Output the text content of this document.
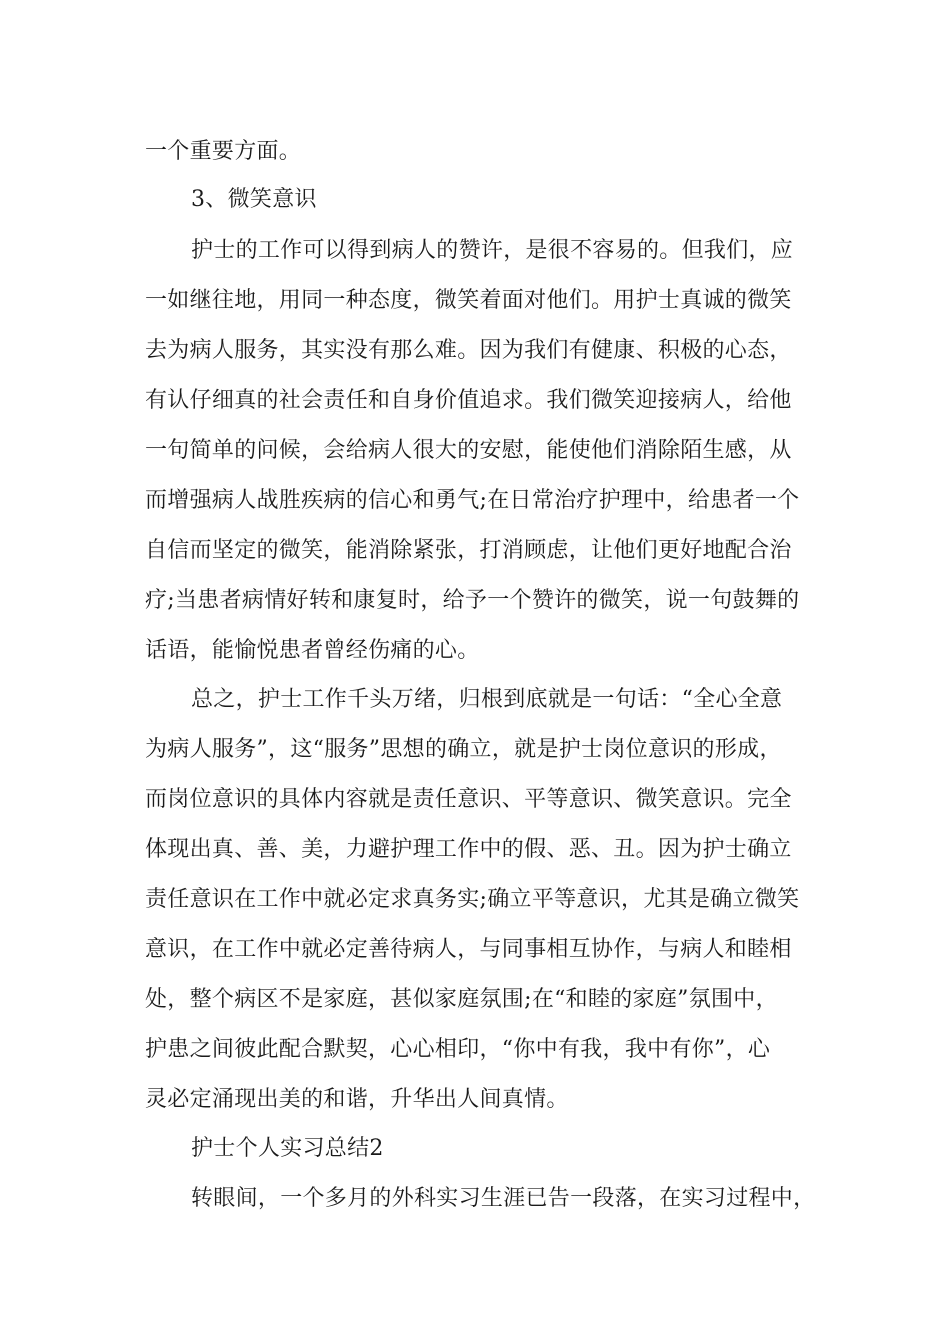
一个重要方面。
3、微笑意识
护士的工作可以得到病人的赞许，是很不容易的。但我们，应
一如继往地，用同一种态度，微笑着面对他们。用护士真诚的微笑
去为病人服务，其实没有那么难。因为我们有健康、积极的心态，
有认仔细真的社会责任和自身价值追求。我们微笑迎接病人，给他
一句简单的问候，会给病人很大的安慰，能使他们消除陌生感，从
而增强病人战胜疾病的信心和勇气;在日常治疗护理中，给患者一个
自信而坚定的微笑，能消除紧张，打消顾虑，让他们更好地配合治
疗;当患者病情好转和康复时，给予一个赞许的微笑，说一句鼓舞的
话语，能愉悦患者曾经伤痛的心。
总之，护士工作千头万绪，归根到底就是一句话：“全心全意
为病人服务”，这“服务”思想的确立，就是护士岗位意识的形成，
而岗位意识的具体内容就是责任意识、平等意识、微笑意识。完全
体现出真、善、美，力避护理工作中的假、恶、丑。因为护士确立
责任意识在工作中就必定求真务实;确立平等意识，尤其是确立微笑
意识，在工作中就必定善待病人，与同事相互协作，与病人和睦相
处，整个病区不是家庭，甚似家庭氛围;在“和睦的家庭”氛围中，
护患之间彼此配合默契，心心相印，“你中有我，我中有你”，心
灵必定涌现出美的和谐，升华出人间真情。
护士个人实习总结2
转眼间，一个多月的外科实习生涯已告一段落，在实习过程中，
